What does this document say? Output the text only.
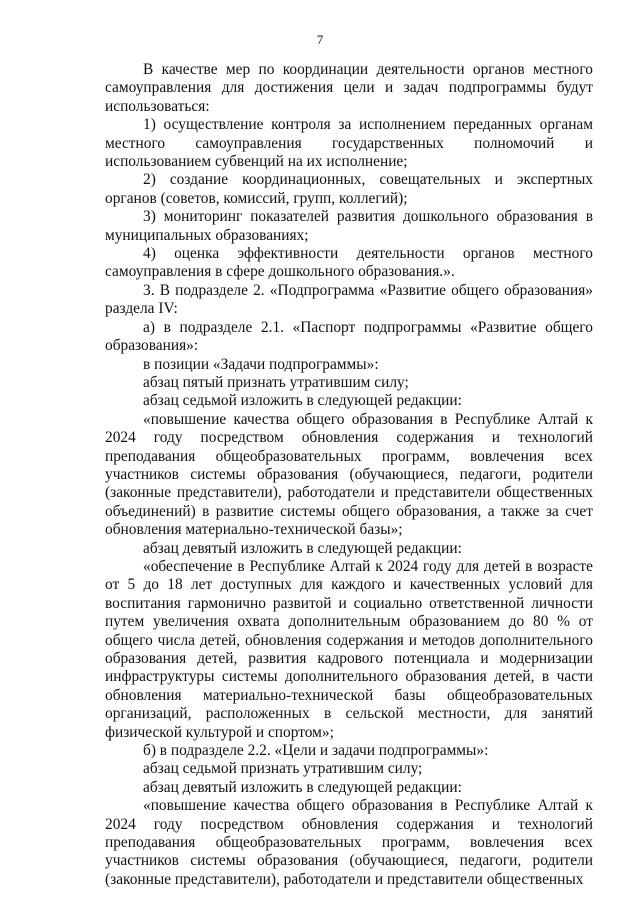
7

В качестве мер по координации деятельности органов местного самоуправления для достижения цели и задач подпрограммы будут использоваться:

1) осуществление контроля за исполнением переданных органам местного самоуправления государственных полномочий и использованием субвенций на их исполнение;

2) создание координационных, совещательных и экспертных органов (советов, комиссий, групп, коллегий);

3) мониторинг показателей развития дошкольного образования в муниципальных образованиях;

4) оценка эффективности деятельности органов местного самоуправления в сфере дошкольного образования.».

3. В подразделе 2. «Подпрограмма «Развитие общего образования» раздела IV:

а) в подразделе 2.1. «Паспорт подпрограммы «Развитие общего образования»:

в позиции «Задачи подпрограммы»:

абзац пятый признать утратившим силу;

абзац седьмой изложить в следующей редакции:

«повышение качества общего образования в Республике Алтай к 2024 году посредством обновления содержания и технологий преподавания общеобразовательных программ, вовлечения всех участников системы образования (обучающиеся, педагоги, родители (законные представители), работодатели и представители общественных объединений) в развитие системы общего образования, а также за счет обновления материально-технической базы»;

абзац девятый изложить в следующей редакции:

«обеспечение в Республике Алтай к 2024 году для детей в возрасте от 5 до 18 лет доступных для каждого и качественных условий для воспитания гармонично развитой и социально ответственной личности путем увеличения охвата дополнительным образованием до 80 % от общего числа детей, обновления содержания и методов дополнительного образования детей, развития кадрового потенциала и модернизации инфраструктуры системы дополнительного образования детей, в части обновления материально-технической базы общеобразовательных организаций, расположенных в сельской местности, для занятий физической культурой и спортом»;

б) в подразделе 2.2. «Цели и задачи подпрограммы»:

абзац седьмой признать утратившим силу;

абзац девятый изложить в следующей редакции:

«повышение качества общего образования в Республике Алтай к 2024 году посредством обновления содержания и технологий преподавания общеобразовательных программ, вовлечения всех участников системы образования (обучающиеся, педагоги, родители (законные представители), работодатели и представители общественных
